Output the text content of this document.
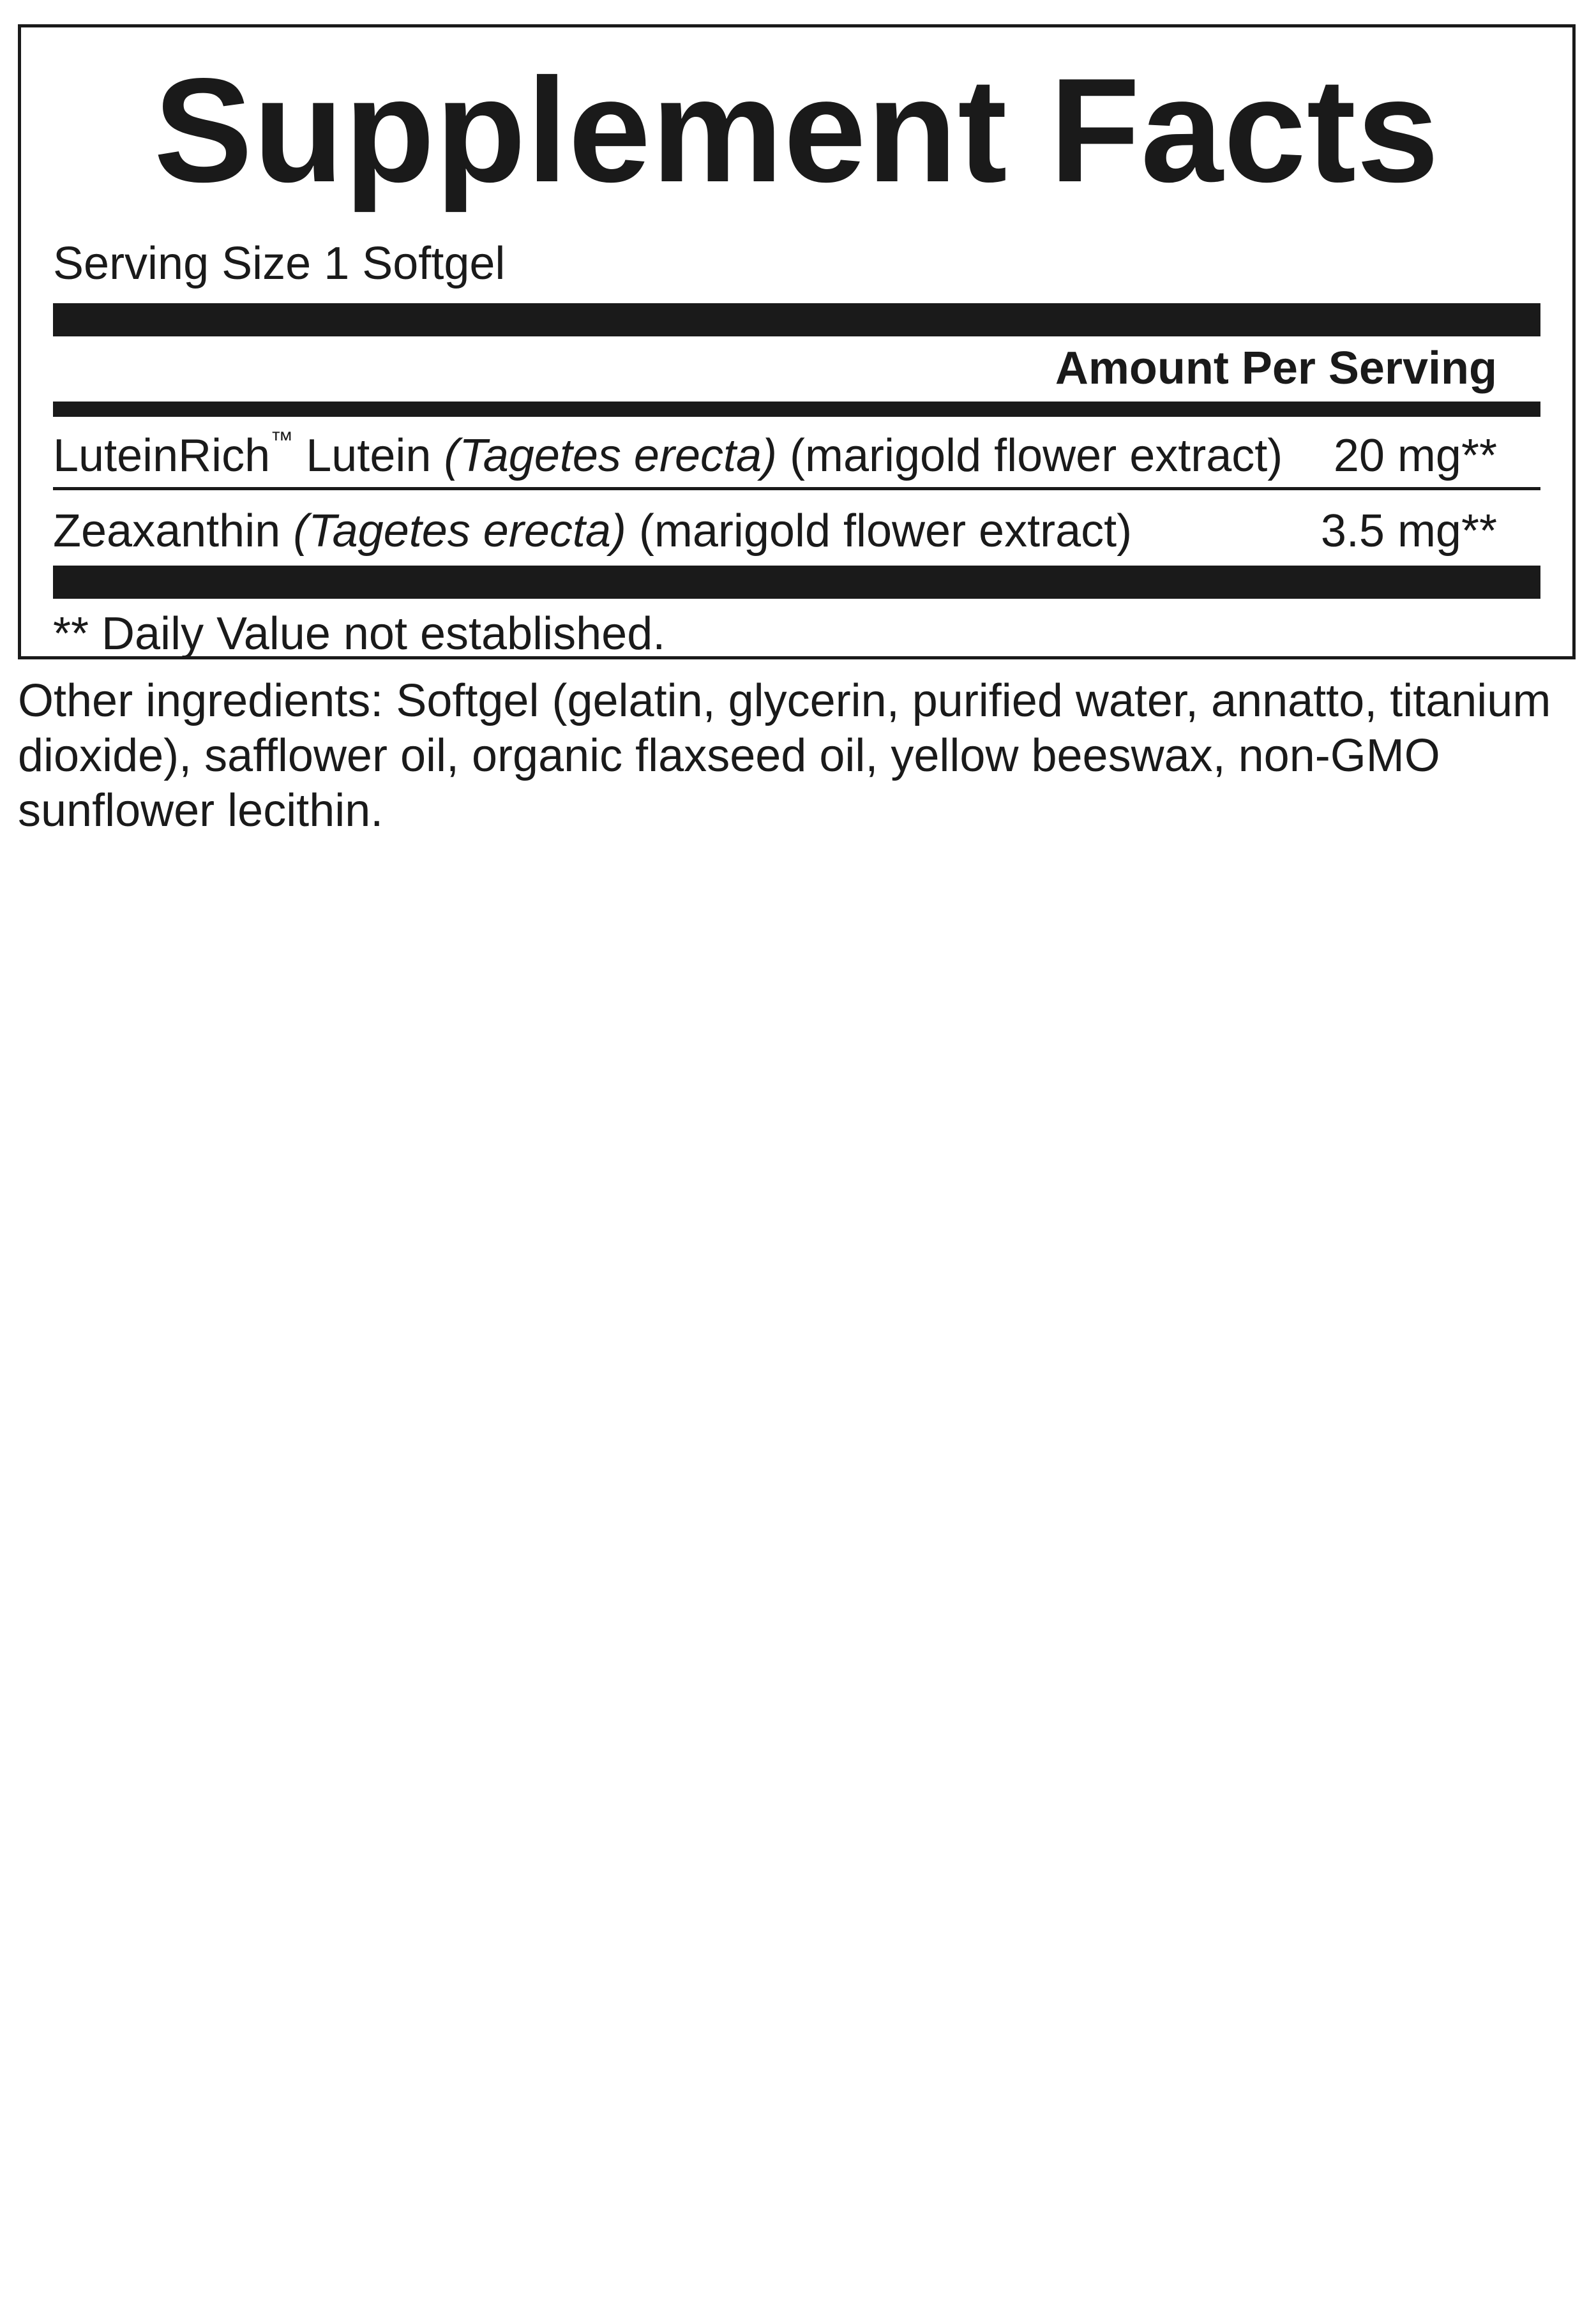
Supplement Facts
Serving Size 1 Softgel
Amount Per Serving
LuteinRich™ Lutein (Tagetes erecta) (marigold flower extract) 20 mg**
Zeaxanthin (Tagetes erecta) (marigold flower extract)	3.5 mg**
** Daily Value not established.
Other ingredients: Softgel (gelatin, glycerin, purified water, annatto, titanium dioxide), safflower oil, organic flaxseed oil, yellow beeswax, non-GMO sunflower lecithin.
